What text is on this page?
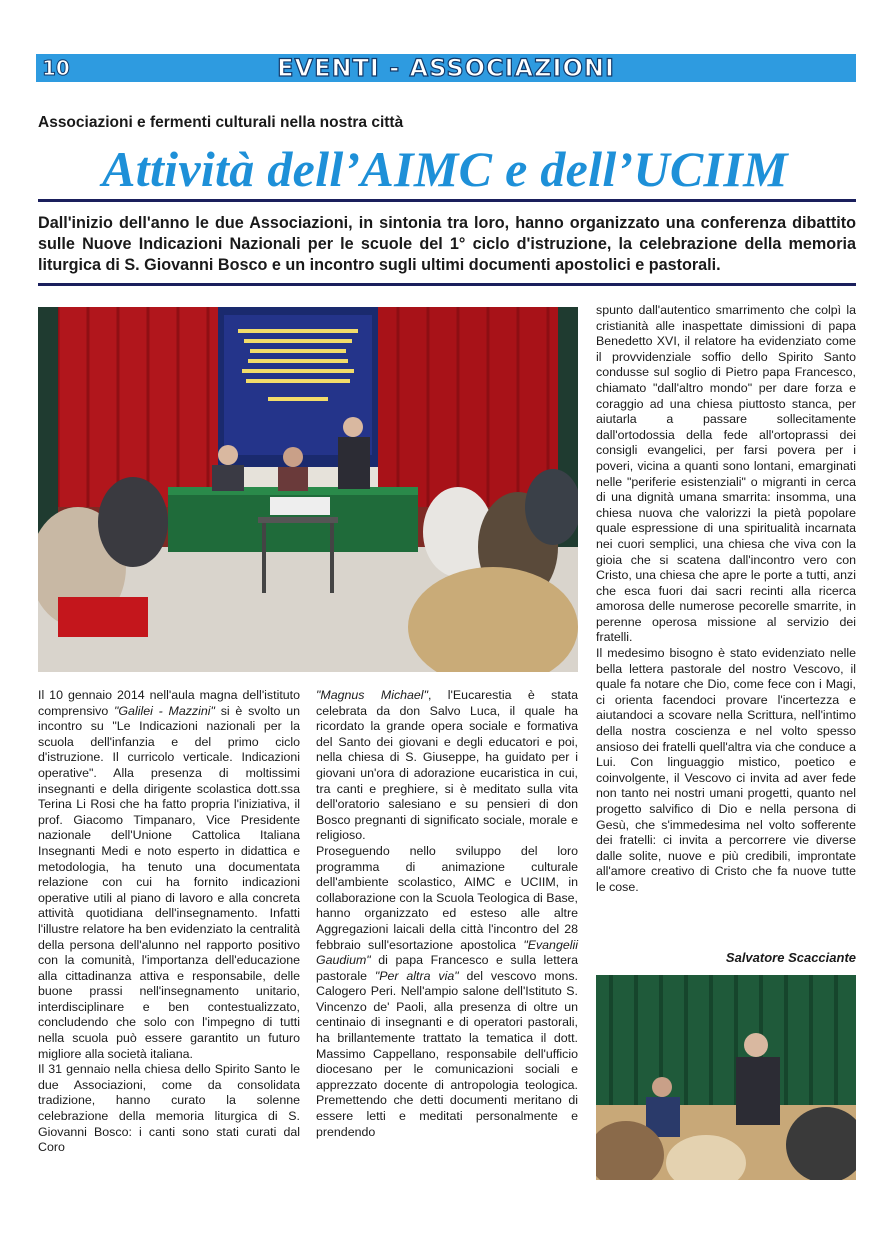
10	EVENTI - ASSOCIAZIONI
Associazioni e fermenti culturali nella nostra città
Attività dell’AIMC e dell’UCIIM
Dall'inizio dell'anno le due Associazioni, in sintonia tra loro, hanno organizzato una conferenza dibattito sulle Nuove Indicazioni Nazionali per le scuole del 1° ciclo d'istruzione, la celebrazione della memoria liturgica di S. Giovanni Bosco e un incontro sugli ultimi documenti apostolici e pastorali.

Il 10 gennaio 2014 nell'aula magna dell'istituto comprensivo "Galilei - Mazzini" si è svolto un incontro su "Le Indicazioni nazionali per la scuola dell'infanzia e del primo ciclo d'istruzione. Il curricolo verticale. Indicazioni operative". Alla presenza di moltissimi insegnanti e della dirigente scolastica dott.ssa Terina Li Rosi che ha fatto propria l'iniziativa, il prof. Giacomo Timpanaro, Vice Presidente nazionale dell'Unione Cattolica Italiana Insegnanti Medi e noto esperto in didattica e metodologia, ha tenuto una documentata relazione con cui ha fornito indicazioni operative utili al piano di lavoro e alla concreta attività quotidiana dell'insegnamento. Infatti l'illustre relatore ha ben evidenziato la centralità della persona dell'alunno nel rapporto positivo con la comunità, l'importanza dell'educazione alla cittadinanza attiva e responsabile, delle buone prassi nell'insegnamento unitario, interdisciplinare e ben contestualizzato, concludendo che solo con l'impegno di tutti nella scuola può essere garantito un futuro migliore alla società italiana.

Il 31 gennaio nella chiesa dello Spirito Santo le due Associazioni, come da consolidata tradizione, hanno curato la solenne celebrazione della memoria liturgica di S. Giovanni Bosco: i canti sono stati curati dal Coro

"Magnus Michael", l'Eucarestia è stata celebrata da don Salvo Luca, il quale ha ricordato la grande opera sociale e formativa del Santo dei giovani e degli educatori e poi, nella chiesa di S. Giuseppe, ha guidato per i giovani un'ora di adorazione eucaristica in cui, tra canti e preghiere, si è meditato sulla vita dell'oratorio salesiano e su pensieri di don Bosco pregnanti di significato sociale, morale e religioso.

Proseguendo nello sviluppo del loro programma di animazione culturale dell'ambiente scolastico, AIMC e UCIIM, in collaborazione con la Scuola Teologica di Base, hanno organizzato ed esteso alle altre Aggregazioni laicali della città l'incontro del 28 febbraio sull'esortazione apostolica "Evangelii Gaudium" di papa Francesco e sulla lettera pastorale "Per altra via" del vescovo mons. Calogero Peri. Nell'ampio salone dell'Istituto S. Vincenzo de' Paoli, alla presenza di oltre un centinaio di insegnanti e di operatori pastorali, ha brillantemente trattato la tematica il dott. Massimo Cappellano, responsabile dell'ufficio diocesano per le comunicazioni sociali e apprezzato docente di antropologia teologica. Premettendo che detti documenti meritano di essere letti e meditati personalmente e prendendo

spunto dall'autentico smarrimento che colpì la cristianità alle inaspettate dimissioni di papa Benedetto XVI, il relatore ha evidenziato come il provvidenziale soffio dello Spirito Santo condusse sul soglio di Pietro papa Francesco, chiamato "dall'altro mondo" per dare forza e coraggio ad una chiesa piuttosto stanca, per aiutarla a passare sollecitamente dall'ortodossia della fede all'ortoprassi dei consigli evangelici, per farsi povera per i poveri, vicina a quanti sono lontani, emarginati nelle "periferie esistenziali" o migranti in cerca di una dignità umana smarrita: insomma, una chiesa nuova che valorizzi la pietà popolare quale espressione di una spiritualità incarnata nei cuori semplici, una chiesa che viva con la gioia che si scatena dall'incontro vero con Cristo, una chiesa che apre le porte a tutti, anzi che esca fuori dai sacri recinti alla ricerca amorosa delle numerose pecorelle smarrite, in perenne operosa missione al servizio dei fratelli.

Il medesimo bisogno è stato evidenziato nelle bella lettera pastorale del nostro Vescovo, il quale fa notare che Dio, come fece con i Magi, ci orienta facendoci provare l'incertezza e aiutandoci a scovare nella Scrittura, nell'intimo della nostra coscienza e nel volto spesso ansioso dei fratelli quell'altra via che conduce a Lui. Con linguaggio mistico, poetico e coinvolgente, il Vescovo ci invita ad aver fede non tanto nei nostri umani progetti, quanto nel progetto salvifico di Dio e nella persona di Gesù, che s'immedesima nel volto sofferente dei fratelli: ci invita a percorrere vie diverse dalle solite, nuove e più credibili, improntate all'amore creativo di Cristo che fa nuove tutte le cose.

Salvatore Scacciante
